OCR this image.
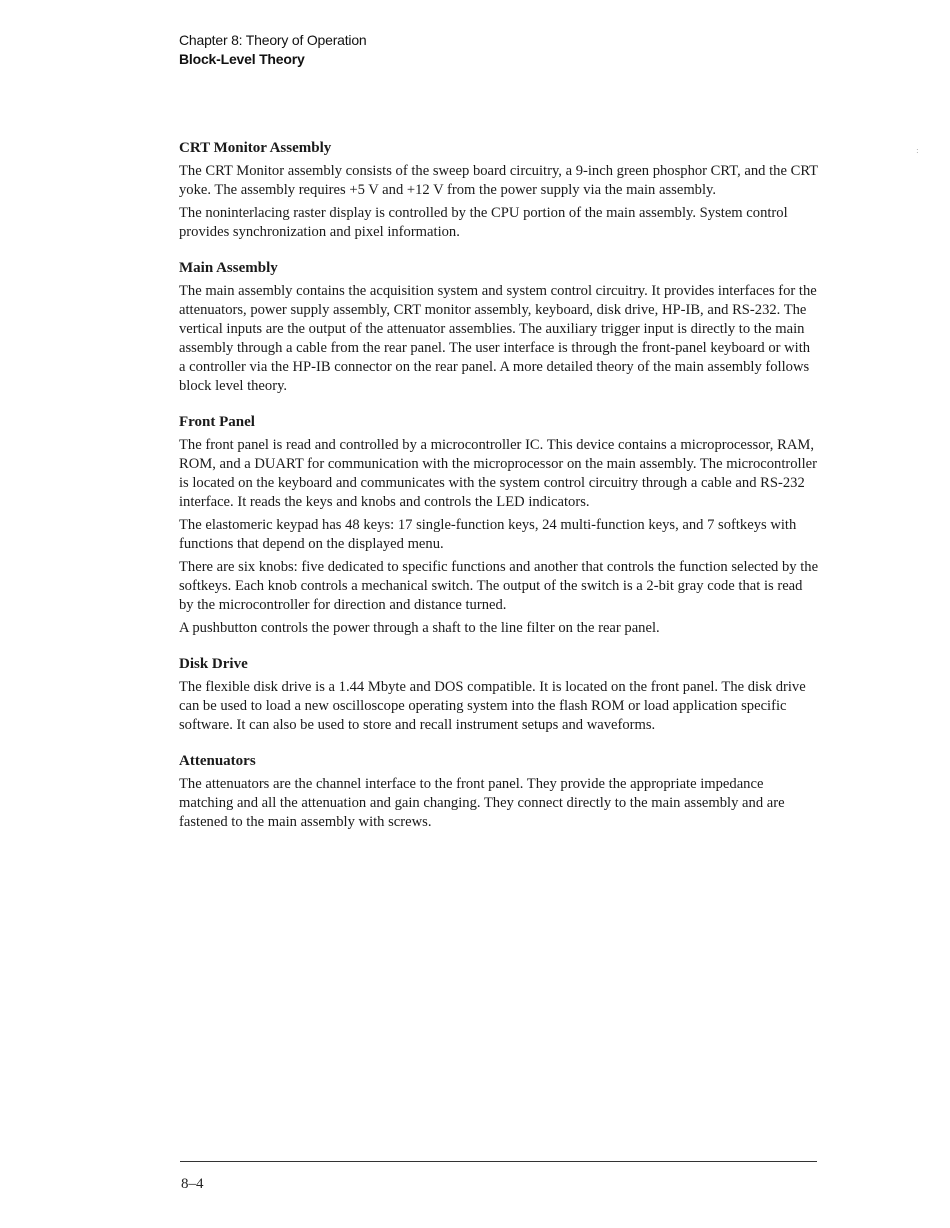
Chapter 8: Theory of Operation
Block-Level Theory
:
CRT Monitor Assembly

The CRT Monitor assembly consists of the sweep board circuitry, a 9-inch green phosphor CRT, and the CRT yoke. The assembly requires +5 V and +12 V from the power supply via the main assembly.

The noninterlacing raster display is controlled by the CPU portion of the main assembly. System control provides synchronization and pixel information.

Main Assembly

The main assembly contains the acquisition system and system control circuitry. It provides interfaces for the attenuators, power supply assembly, CRT monitor assembly, keyboard, disk drive, HP-IB, and RS-232. The vertical inputs are the output of the attenuator assemblies. The auxiliary trigger input is directly to the main assembly through a cable from the rear panel. The user interface is through the front-panel keyboard or with a controller via the HP-IB connector on the rear panel. A more detailed theory of the main assembly follows block level theory.

Front Panel

The front panel is read and controlled by a microcontroller IC. This device contains a microprocessor, RAM, ROM, and a DUART for communication with the microprocessor on the main assembly. The microcontroller is located on the keyboard and communicates with the system control circuitry through a cable and RS-232 interface. It reads the keys and knobs and controls the LED indicators.

The elastomeric keypad has 48 keys: 17 single-function keys, 24 multi-function keys, and 7 softkeys with functions that depend on the displayed menu.

There are six knobs: five dedicated to specific functions and another that controls the function selected by the softkeys. Each knob controls a mechanical switch. The output of the switch is a 2-bit gray code that is read by the microcontroller for direction and distance turned.

A pushbutton controls the power through a shaft to the line filter on the rear panel.

Disk Drive

The flexible disk drive is a 1.44 Mbyte and DOS compatible. It is located on the front panel. The disk drive can be used to load a new oscilloscope operating system into the flash ROM or load application specific software. It can also be used to store and recall instrument setups and waveforms.

Attenuators

The attenuators are the channel interface to the front panel. They provide the appropriate impedance matching and all the attenuation and gain changing. They connect directly to the main assembly and are fastened to the main assembly with screws.

8–4
